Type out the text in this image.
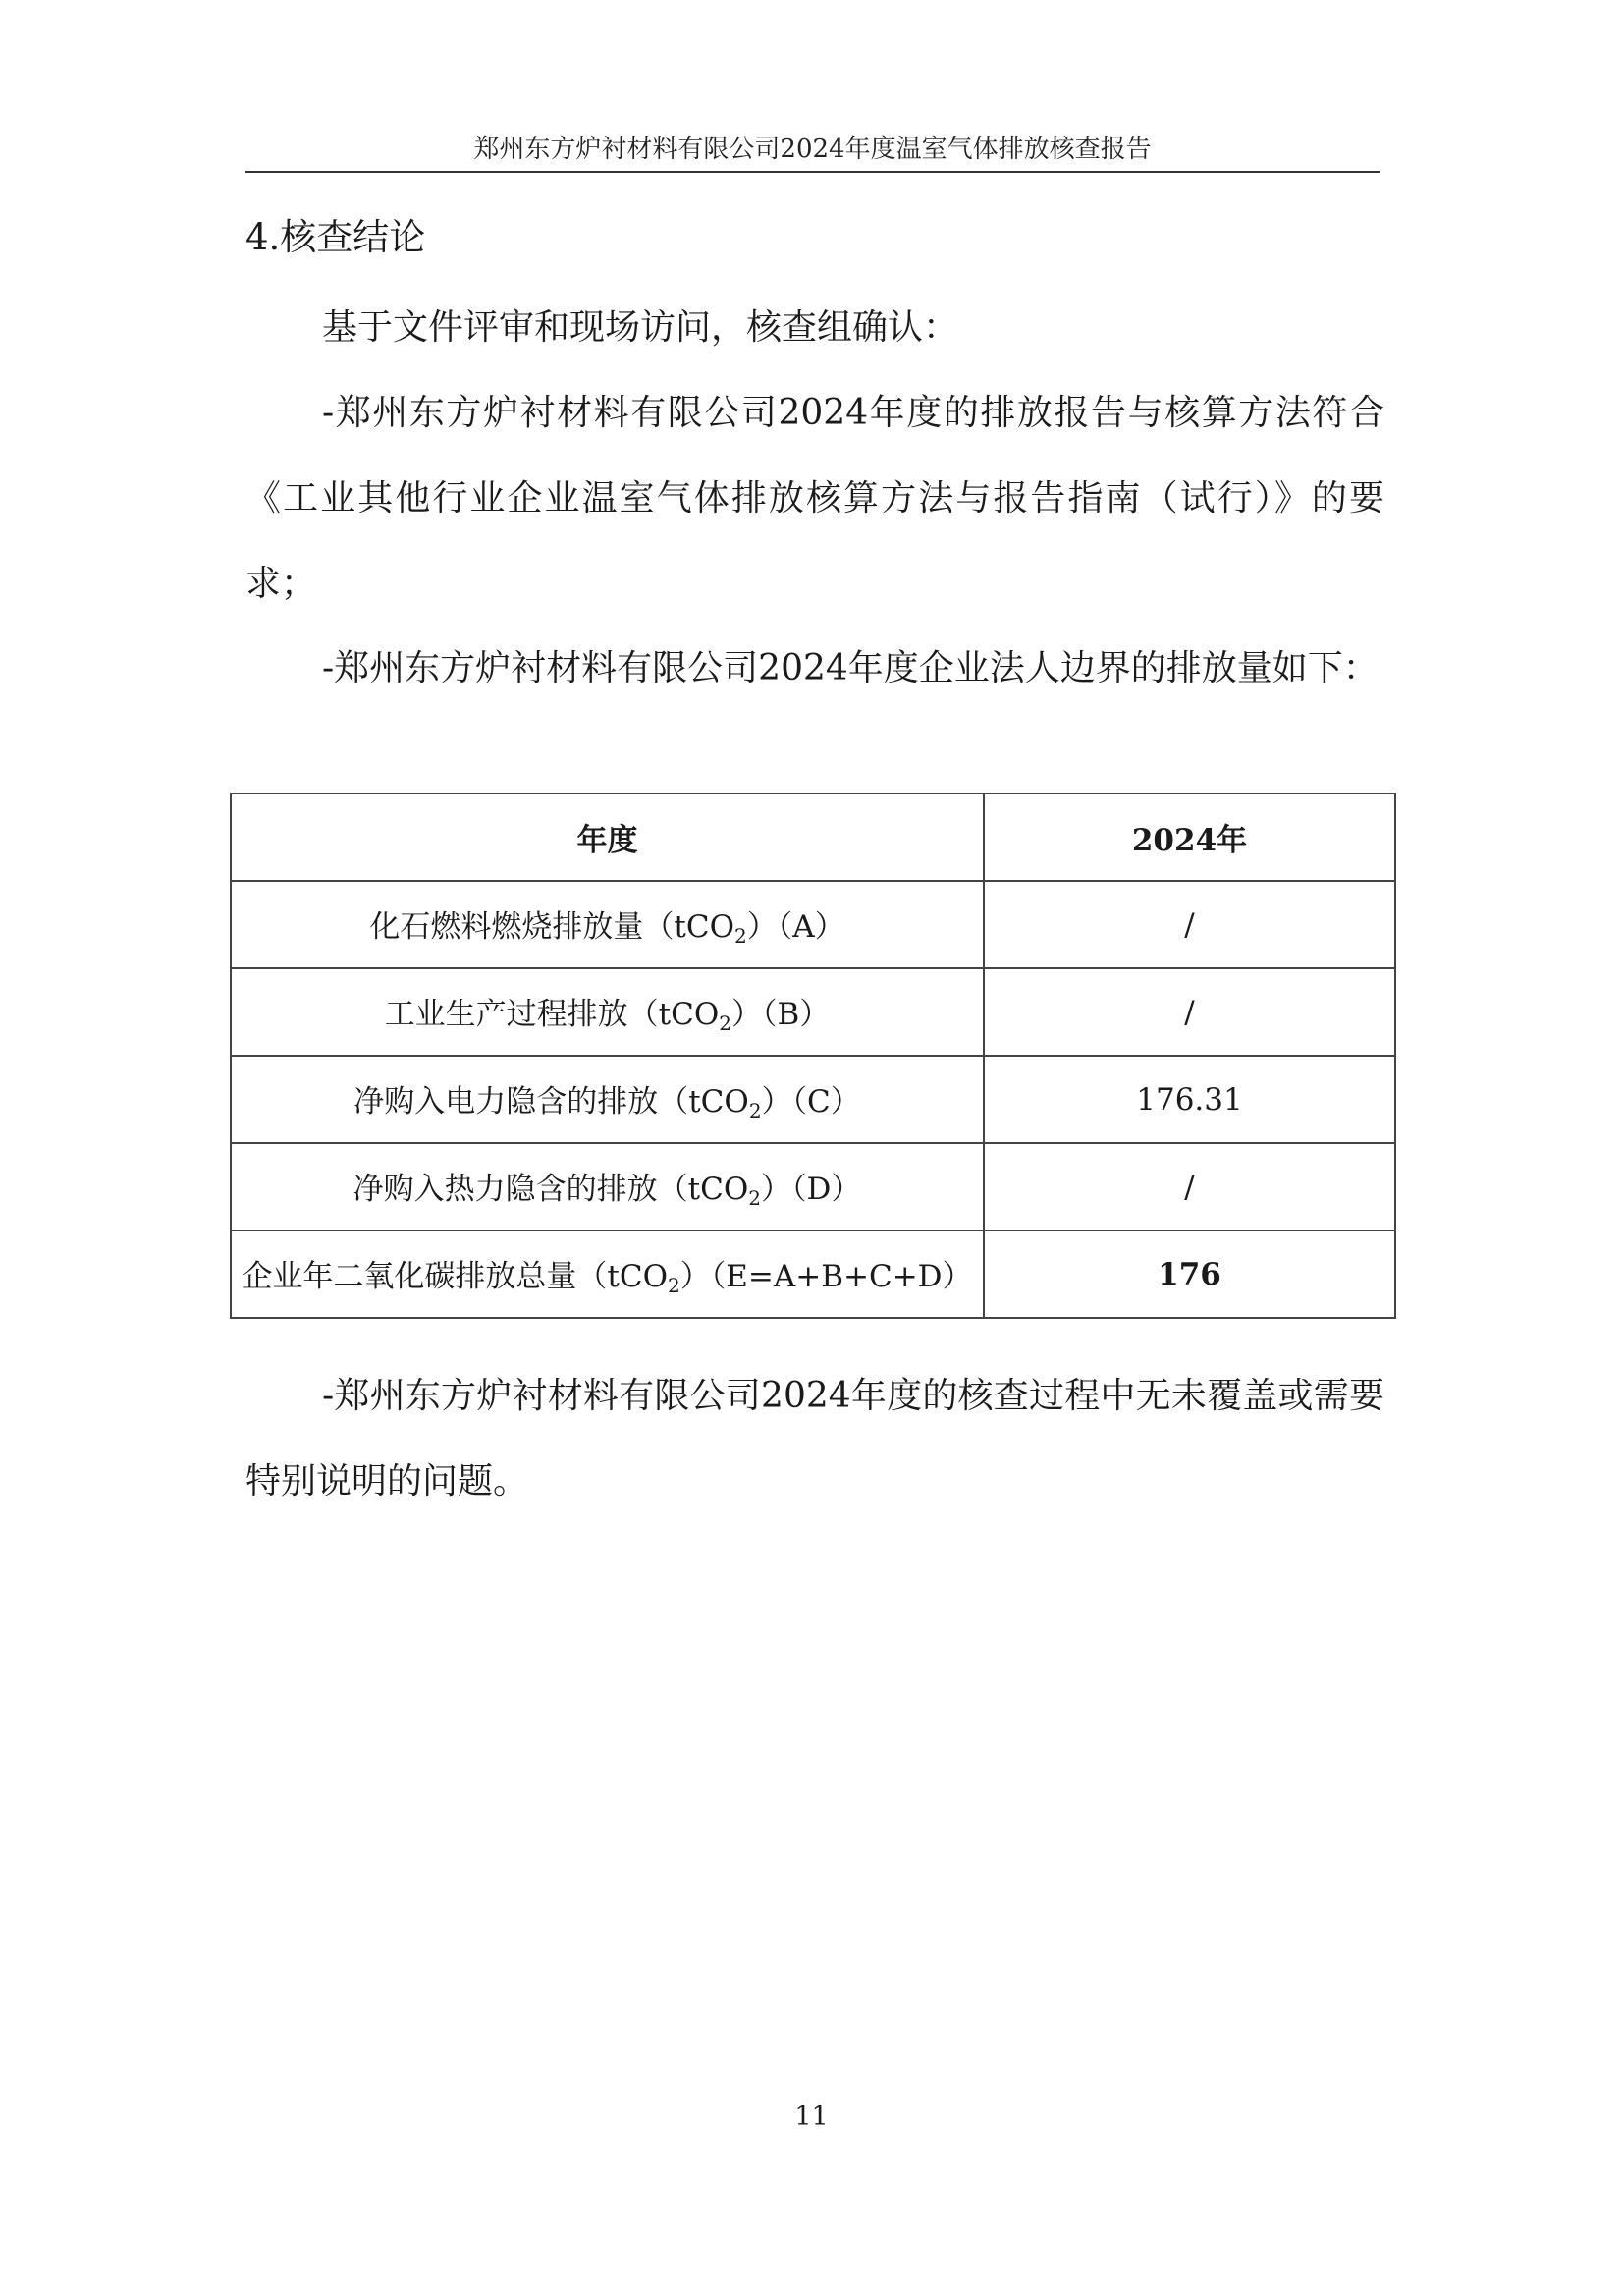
郑州东方炉衬材料有限公司2024年度温室气体排放核查报告
4.核查结论
基于文件评审和现场访问，核查组确认：
-郑州东方炉衬材料有限公司2024年度的排放报告与核算方法符合《工业其他行业企业温室气体排放核算方法与报告指南（试行）》的要求；
-郑州东方炉衬材料有限公司2024年度企业法人边界的排放量如下：
年度	2024年
化石燃料燃烧排放量（tCO$_2$）（A）	/
工业生产过程排放（tCO$_2$）（B）	/
净购入电力隐含的排放（tCO$_2$）（C）	176.31
净购入热力隐含的排放（tCO$_2$）（D）	/
企业年二氧化碳排放总量（tCO$_2$）（E=A+B+C+D）	176
-郑州东方炉衬材料有限公司2024年度的核查过程中无未覆盖或需要特别说明的问题。
11
